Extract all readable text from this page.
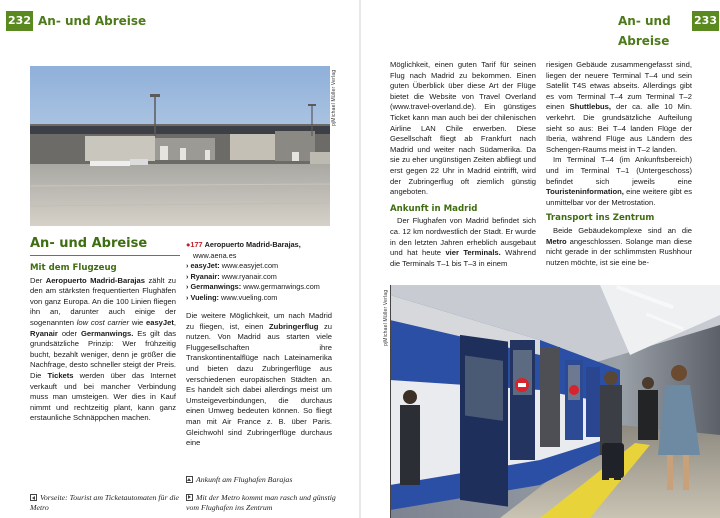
232 An- und Abreise	An- und Abreise
233
pjMichael Müller Verlag
An- und Abreise
Mit dem Flugzeug

Der Aeropuerto Madrid-Barajas zählt zu den am stärksten frequentierten Flughäfen von ganz Europa. An die 100 Linien fliegen ihn an, darunter auch einige der sogenannten low cost carrier wie easyJet, Ryanair oder Germanwings. Es gilt das grundsätzliche Prinzip: Wer frühzeitig bucht, bezahlt weniger, denn je größer die Nachfrage, desto schneller steigt der Preis. Die Tickets werden über das Internet verkauft und bei mancher Verbindung muss man umsteigen. Wer dies in Kauf nimmt und rechtzeitig plant, kann ganz erstaunliche Schnäppchen machen.

●177 Aeropuerto Madrid-Barajas,
www.aena.es
› easyJet: www.easyjet.com
› Ryanair: www.ryanair.com
› Germanwings: www.germanwings.com
› Vueling: www.vueling.com

Die weitere Möglichkeit, um nach Madrid zu fliegen, ist, einen Zubringerflug zu nutzen. Von Madrid aus starten viele Fluggesellschaften ihre Transkontinentalflüge nach Lateinamerika und bieten dazu Zubringerflüge aus verschiedenen europäischen Städten an. Es handelt sich dabei allerdings meist um Umsteigeverbindungen, die durchaus einen Umweg bedeuten können. So fliegt man mit Air France z. B. über Paris. Gleichwohl sind Zubringerflüge durchaus eine

Vorseite: Tourist am Ticketautomaten für die Metro
Ankunft am Flughafen Barajas
Mit der Metro kommt man rasch und günstig vom Flughafen ins Zentrum

Möglichkeit, einen guten Tarif für seinen Flug nach Madrid zu bekommen. Einen guten Überblick über diese Art der Flüge bietet die Website von Travel Overland (www.travel-overland.de). Ein günstiges Ticket kann man auch bei der chilenischen Airline LAN Chile erwerben. Diese Gesellschaft fliegt ab Frankfurt nach Madrid und weiter nach Südamerika. Da sie zu eher ungünstigen Zeiten abfliegt und erst gegen 22 Uhr in Madrid eintrifft, wird der Zubringerflug oft ziemlich günstig angeboten.

Ankunft in Madrid

Der Flughafen von Madrid befindet sich ca. 12 km nordwestlich der Stadt. Er wurde in den letzten Jahren erheblich ausgebaut und hat heute vier Terminals. Während die Terminals T–1 bis T–3 in einem

riesigen Gebäude zusammengefasst sind, liegen der neuere Terminal T–4 und sein Satellit T4S etwas abseits. Allerdings gibt es vom Terminal T–4 zum Terminal T–2 einen Shuttlebus, der ca. alle 10 Min. verkehrt. Die grundsätzliche Aufteilung sieht so aus: Bei T–4 landen Flüge der Iberia, während Flüge aus Ländern des Schengen-Raums meist in T–2 landen.

Im Terminal T–4 (im Ankunftsbereich) und im Terminal T–1 (Untergeschoss) befindet sich jeweils eine Touristeninformation, eine weitere gibt es unmittelbar vor der Metrostation.

Transport ins Zentrum

Beide Gebäudekomplexe sind an die Metro angeschlossen. Solange man diese nicht gerade in der schlimmsten Rushhour nutzen möchte, ist sie eine be-

pjMichael Müller Verlag
